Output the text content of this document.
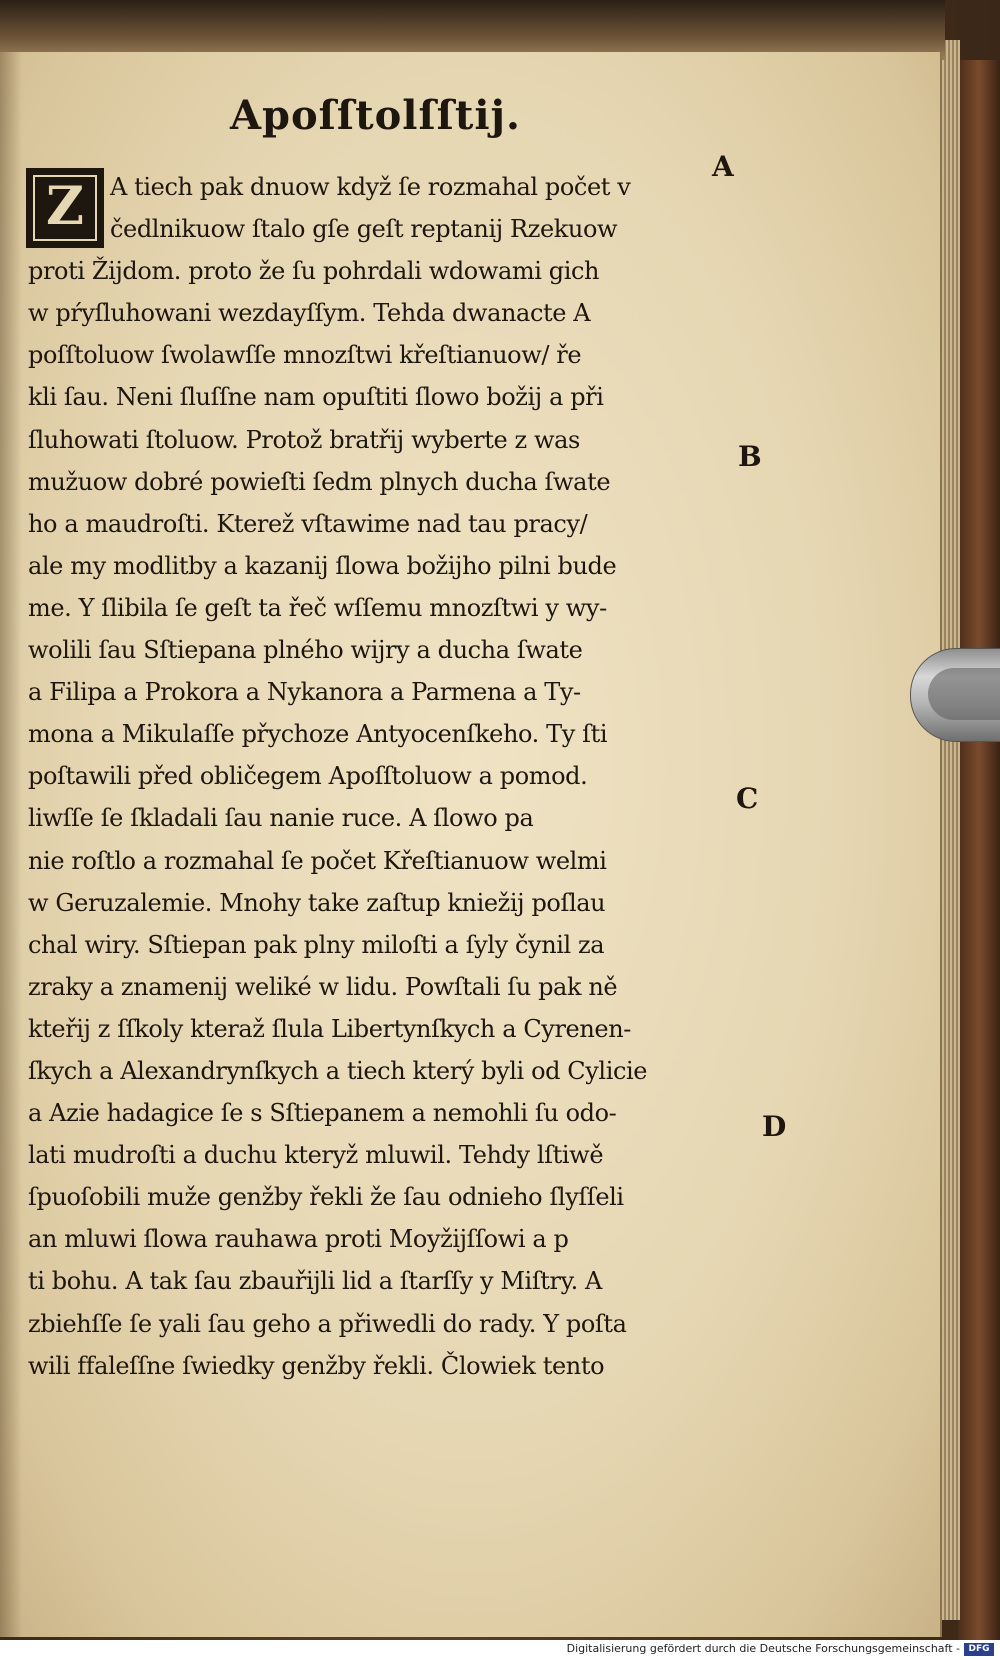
Apoſſtolſſtij.
Z	A tiech pak dnuow když ſe rozmahal počet v
čedlnikuow ſtalo gſe geſt reptanij Rzekuow
proti Žijdom. proto že ſu pohrdali wdowami gich
w pŕyſluhowani wezdayſſym. Tehda dwanacte A
poſſtoluow ſwolawſſe mnozſtwi křeſtianuow/ ře
kli ſau. Neni ſluſſne nam opuſtiti ſlowo božij a při
ſluhowati ſtoluow. Protož bratřij wyberte z was
mužuow dobré powieſti ſedm plnych ducha ſwate
ho a maudroſti. Kterež vſtawime nad tau pracy/
ale my modlitby a kazanij ſlowa božijho pilni bude
me. Y ſlibila ſe geſt ta řeč wſſemu mnozſtwi y wy-
wolili ſau Sſtiepana plného wijry a ducha ſwate
a Filipa a Prokora a Nykanora a Parmena a Ty-
mona a Mikulaſſe přychoze Antyocenſkeho. Ty ſti
poſtawili před obličegem Apoſſtoluow a pomod.
liwſſe ſe ſkladali ſau nanie ruce. A ſlowo pa
nie roſtlo a rozmahal ſe počet Křeſtianuow welmi
w Geruzalemie. Mnohy take zaſtup kniežij poſlau
chal wiry. Sſtiepan pak plny miloſti a ſyly čynil za
zraky a znamenij weliké w lidu. Powſtali ſu pak ně
kteřij z ſſkoly kteraž ſlula Libertynſkych a Cyrenen-
ſkych a Alexandrynſkych a tiech který byli od Cylicie
a Azie hadagice ſe s Sſtiepanem a nemohli ſu odo-
lati mudroſti a duchu kteryž mluwil. Tehdy lſtiwě
ſpuoſobili muže genžby řekli že ſau odnieho ſlyſſeli
an mluwi ſlowa rauhawa proti Moyžijſſowi a p
ti bohu. A tak ſau zbauřijli lid a ſtarſſy y Miſtry. A
zbiehſſe ſe yali ſau geho a přiwedli do rady. Y poſta
wili ffaleſſne ſwiedky genžby řekli. Člowiek tento
A
B
C
D
Digitalisierung gefördert durch die Deutsche Forschungsgemeinschaft - DFG
